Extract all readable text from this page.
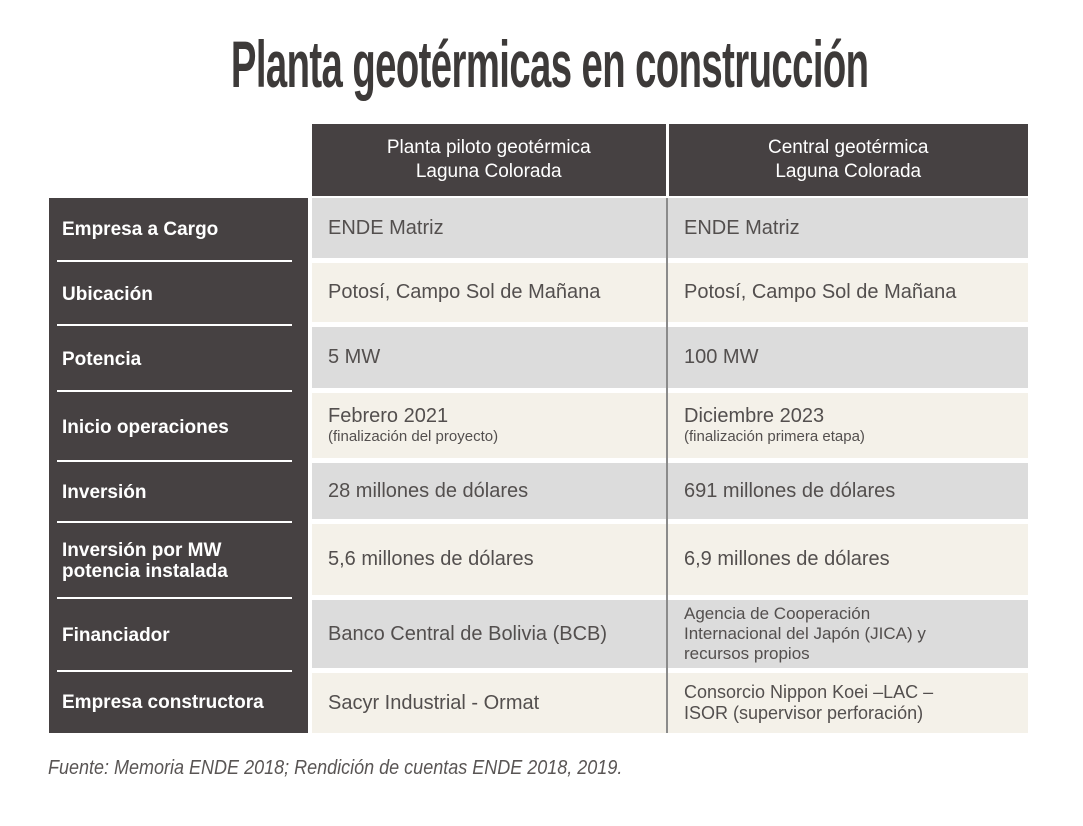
Planta geotérmicas en construcción
Planta piloto geotérmica
Laguna Colorada
Central geotérmica
Laguna Colorada
Empresa a Cargo
Ubicación
Potencia
Inicio operaciones
Inversión
Inversión por MW
potencia instalada
Financiador
Empresa constructora
ENDE Matriz
Potosí, Campo Sol de Mañana
5 MW
Febrero 2021
(finalización del proyecto)
28 millones de dólares
5,6 millones de dólares
Banco Central de Bolivia (BCB)
Sacyr Industrial - Ormat
ENDE Matriz
Potosí, Campo Sol de Mañana
100 MW
Diciembre 2023
(finalización primera etapa)
691 millones de dólares
6,9 millones de dólares
Agencia de Cooperación
Internacional del Japón (JICA) y
recursos propios
Consorcio Nippon Koei –LAC –
ISOR (supervisor perforación)

Fuente: Memoria ENDE 2018; Rendición de cuentas ENDE 2018, 2019.
